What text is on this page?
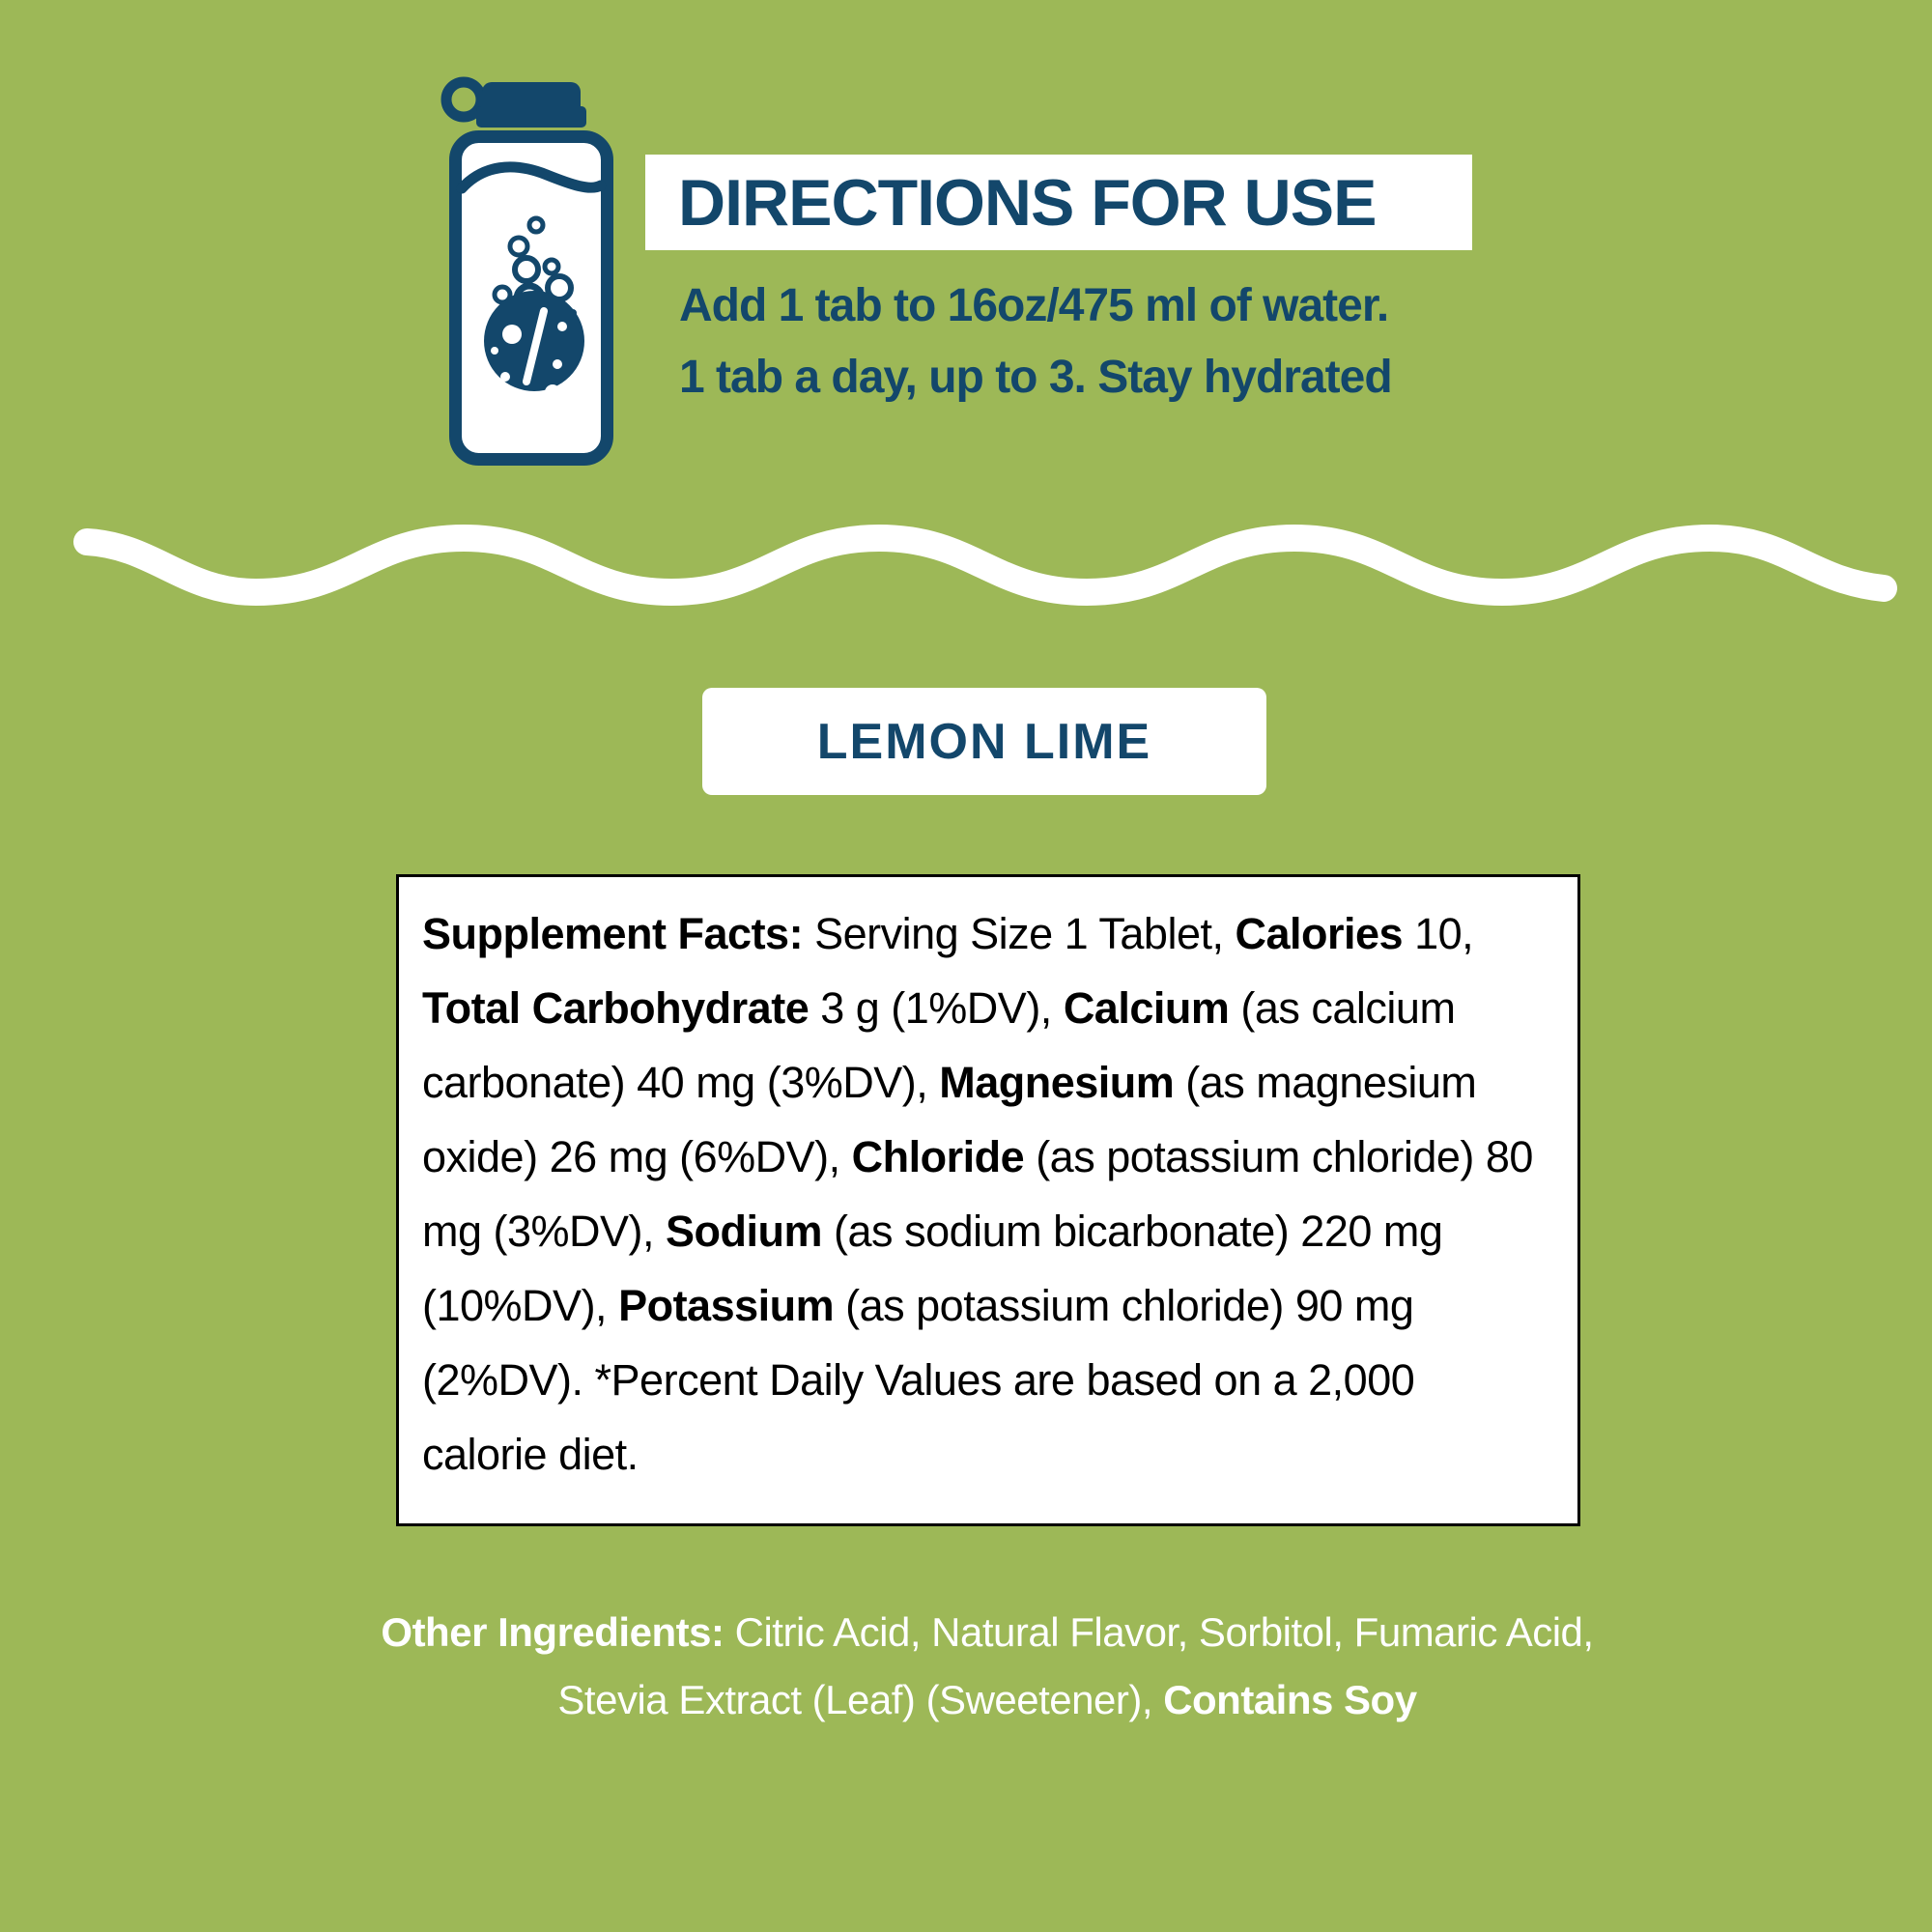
DIRECTIONS FOR USE
Add 1 tab to 16oz/475 ml of water.
1 tab a day, up to 3. Stay hydrated
LEMON LIME

Supplement Facts: Serving Size 1 Tablet, Calories 10, Total Carbohydrate 3 g (1%DV), Calcium (as calcium carbonate) 40 mg (3%DV), Magnesium (as magnesium oxide) 26 mg (6%DV), Chloride (as potassium chloride) 80 mg (3%DV), Sodium (as sodium bicarbonate) 220 mg (10%DV), Potassium (as potassium chloride) 90 mg (2%DV). *Percent Daily Values are based on a 2,000 calorie diet.

Other Ingredients: Citric Acid, Natural Flavor, Sorbitol, Fumaric Acid, Stevia Extract (Leaf) (Sweetener), Contains Soy
